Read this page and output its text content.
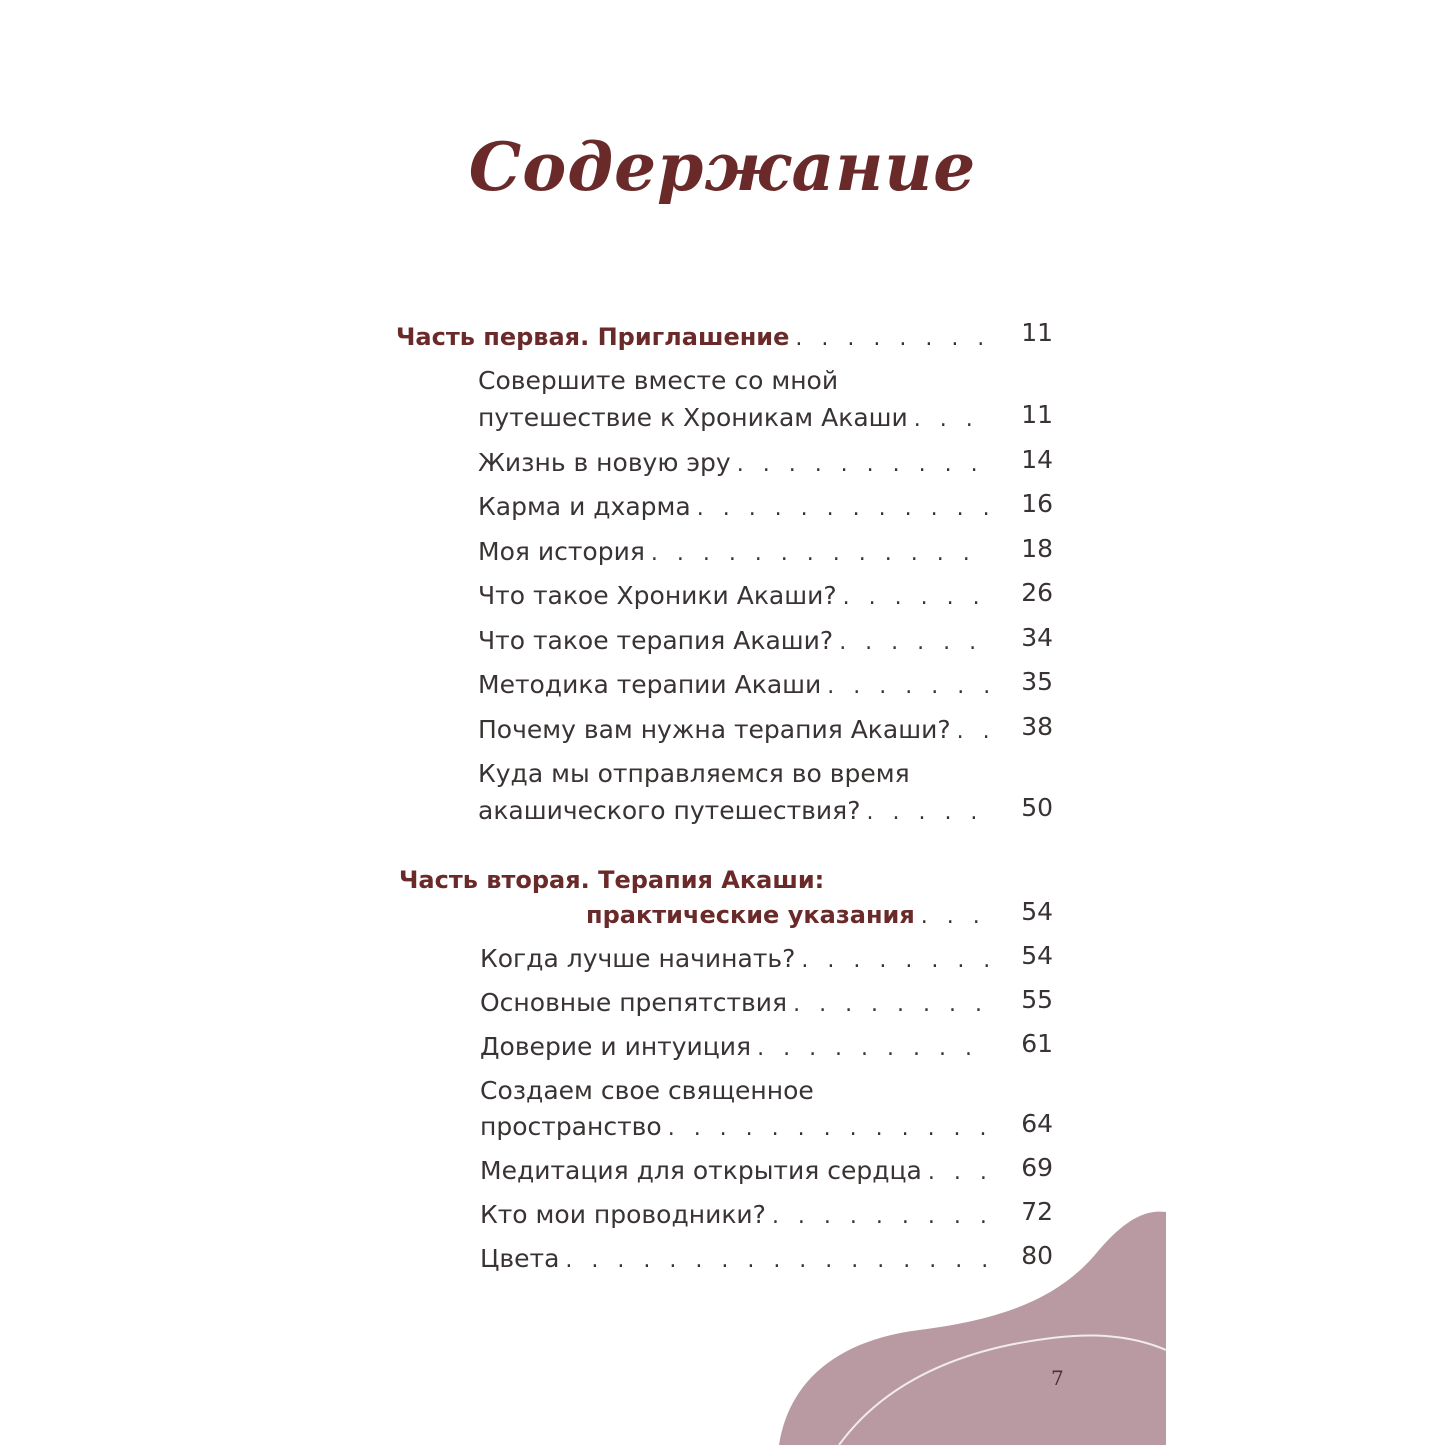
Содержание
Часть первая. Приглашение . . .	11
Совершите вместе со мной
путешествие к Хроникам Акаши . . .	11
Жизнь в новую эру . . .	14
Карма и дхарма . . .	16
Моя история . . .	18
Что такое Хроники Акаши? . . .	26
Что такое терапия Акаши? . . .	34
Методика терапии Акаши . . .	35
Почему вам нужна терапия Акаши? . . .	38
Куда мы отправляемся во время
акашического путешествия? . . .	50
Часть вторая. Терапия Акаши:
практические указания . . .	54
Когда лучше начинать? . . .	54
Основные препятствия . . .	55
Доверие и интуиция . . .	61
Создаем свое священное
пространство . . .	64
Медитация для открытия сердца . . .	69
Кто мои проводники? . . .	72
Цвета . . .	80
7
